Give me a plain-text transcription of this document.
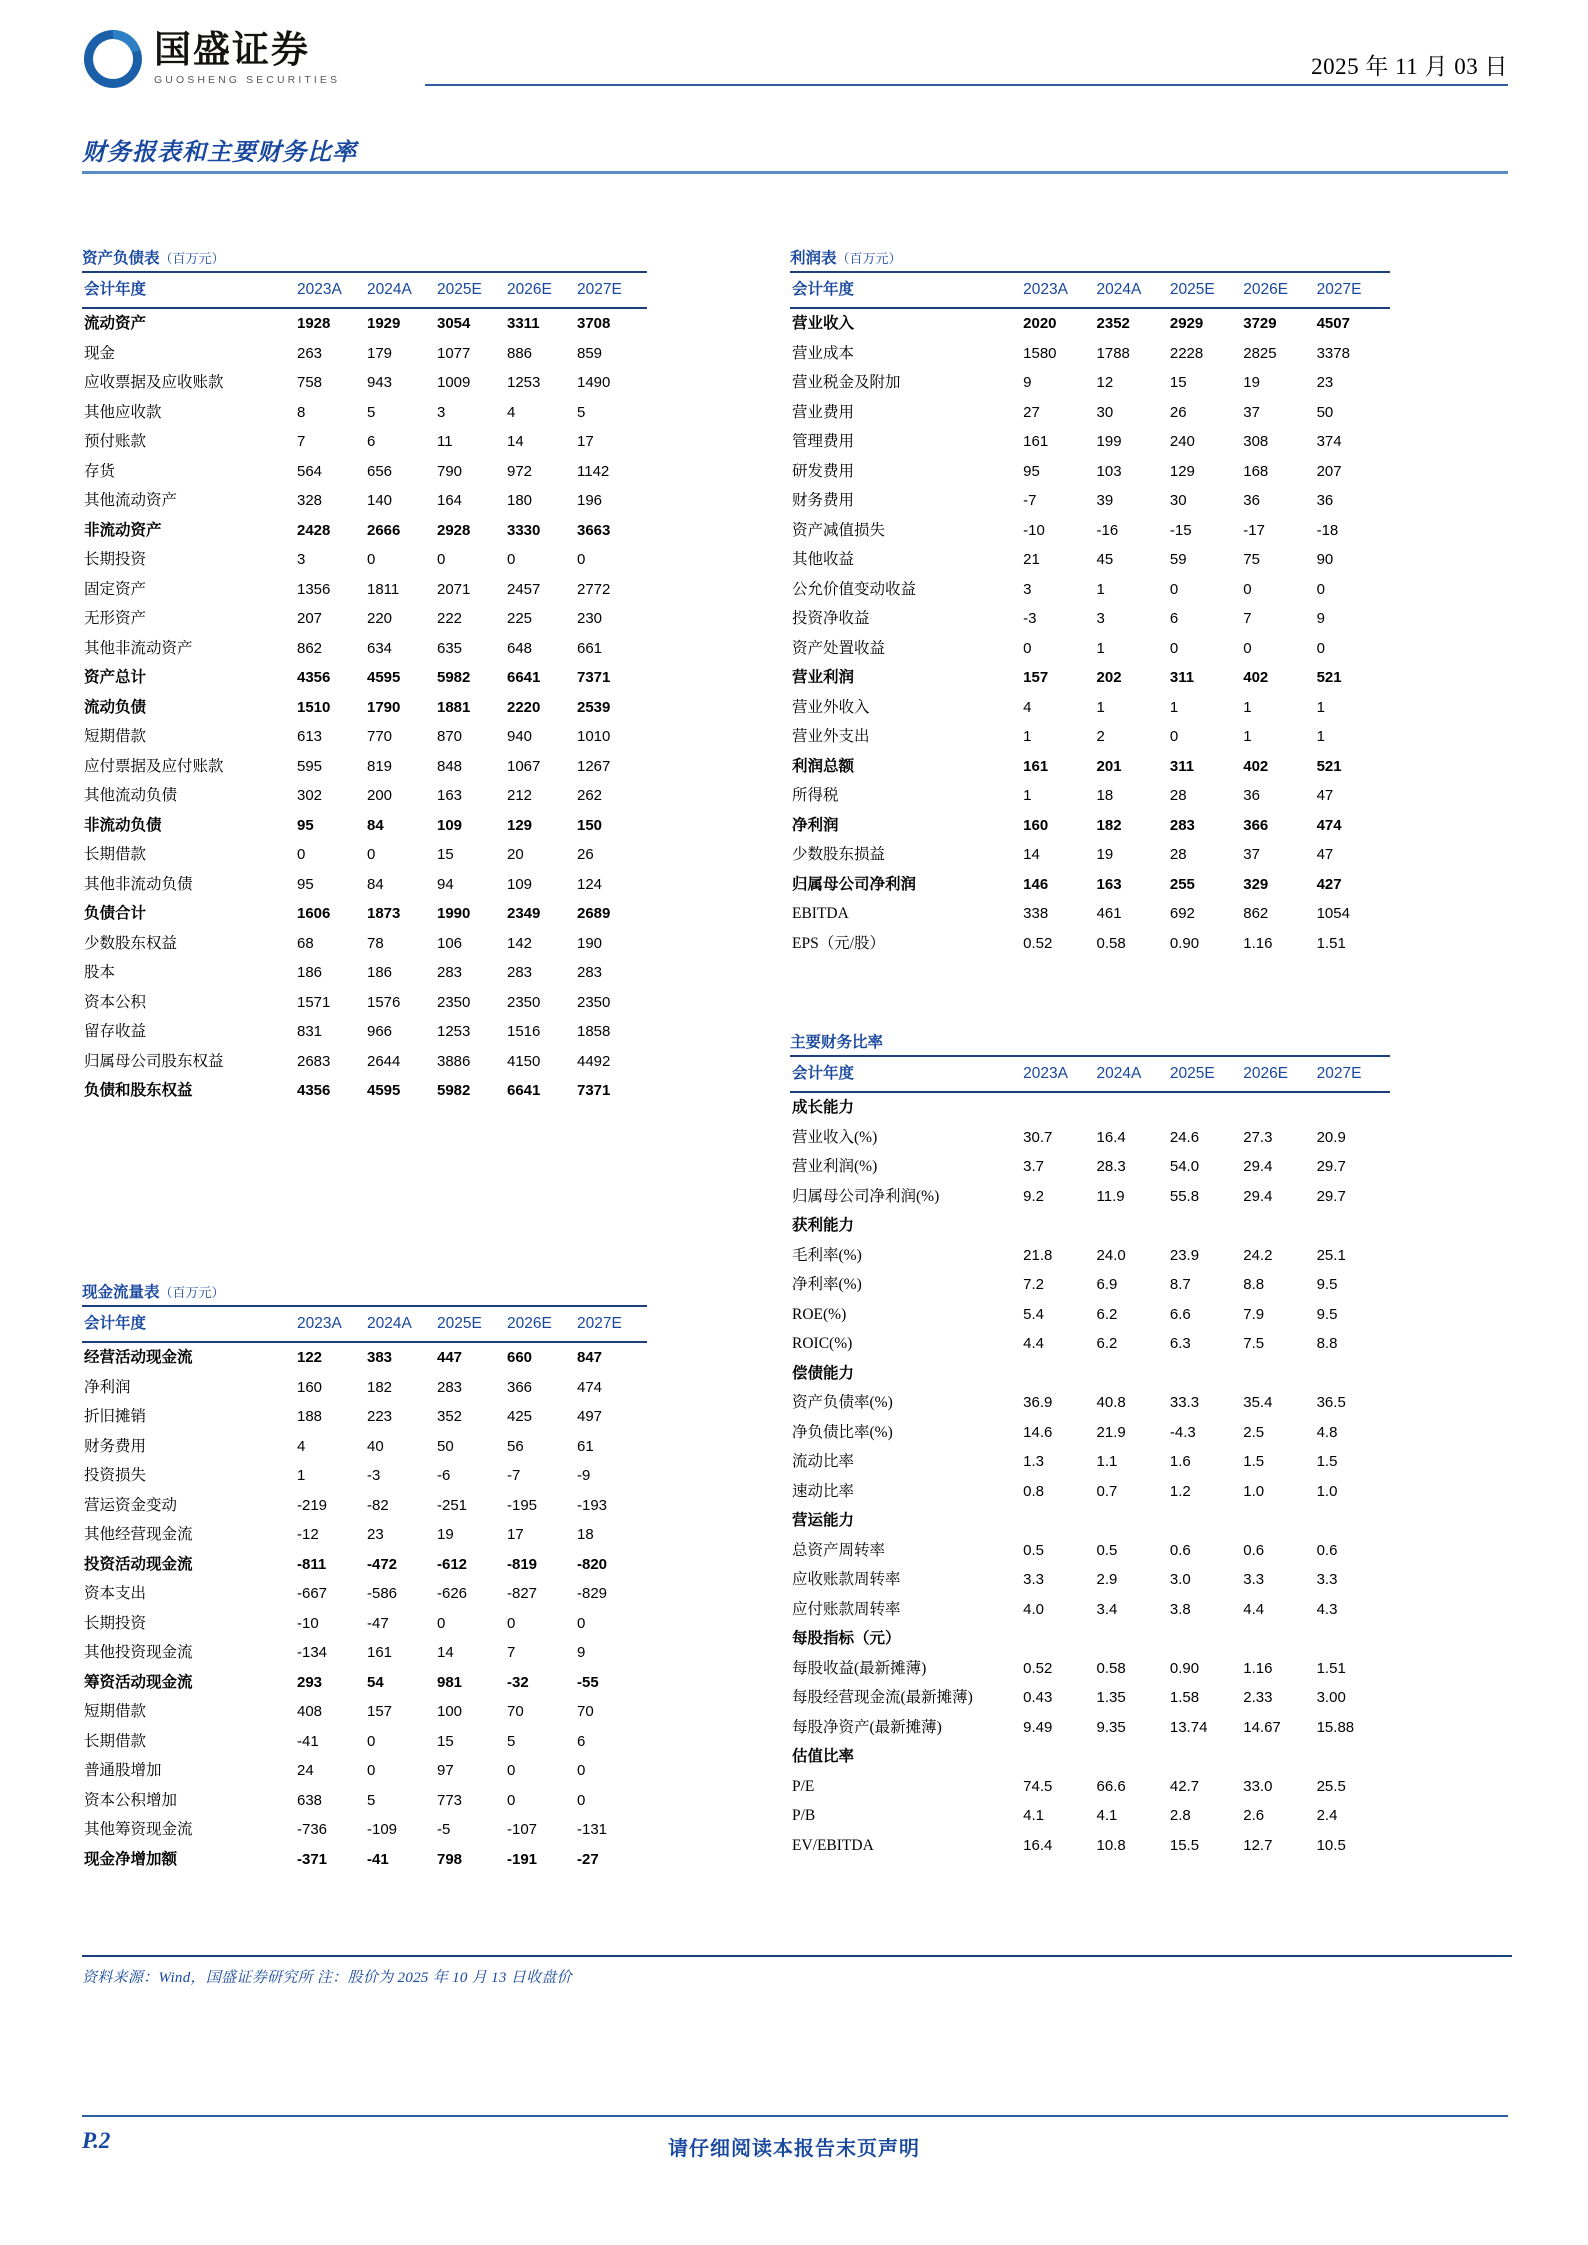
国盛证券
GUOSHENG SECURITIES
2025 年 11 月 03 日
财务报表和主要财务比率
资产负债表（百万元）
会计年度	2023A	2024A	2025E	2026E	2027E
流动资产	1928	1929	3054	3311	3708
现金	263	179	1077	886	859
应收票据及应收账款	758	943	1009	1253	1490
其他应收款	8	5	3	4	5
预付账款	7	6	11	14	17
存货	564	656	790	972	1142
其他流动资产	328	140	164	180	196
非流动资产	2428	2666	2928	3330	3663
长期投资	3	0	0	0	0
固定资产	1356	1811	2071	2457	2772
无形资产	207	220	222	225	230
其他非流动资产	862	634	635	648	661
资产总计	4356	4595	5982	6641	7371
流动负债	1510	1790	1881	2220	2539
短期借款	613	770	870	940	1010
应付票据及应付账款	595	819	848	1067	1267
其他流动负债	302	200	163	212	262
非流动负债	95	84	109	129	150
长期借款	0	0	15	20	26
其他非流动负债	95	84	94	109	124
负债合计	1606	1873	1990	2349	2689
少数股东权益	68	78	106	142	190
股本	186	186	283	283	283
资本公积	1571	1576	2350	2350	2350
留存收益	831	966	1253	1516	1858
归属母公司股东权益	2683	2644	3886	4150	4492
负债和股东权益	4356	4595	5982	6641	7371
现金流量表（百万元）
会计年度	2023A	2024A	2025E	2026E	2027E
经营活动现金流	122	383	447	660	847
净利润	160	182	283	366	474
折旧摊销	188	223	352	425	497
财务费用	4	40	50	56	61
投资损失	1	-3	-6	-7	-9
营运资金变动	-219	-82	-251	-195	-193
其他经营现金流	-12	23	19	17	18
投资活动现金流	-811	-472	-612	-819	-820
资本支出	-667	-586	-626	-827	-829
长期投资	-10	-47	0	0	0
其他投资现金流	-134	161	14	7	9
筹资活动现金流	293	54	981	-32	-55
短期借款	408	157	100	70	70
长期借款	-41	0	15	5	6
普通股增加	24	0	97	0	0
资本公积增加	638	5	773	0	0
其他筹资现金流	-736	-109	-5	-107	-131
现金净增加额	-371	-41	798	-191	-27
利润表（百万元）
会计年度	2023A	2024A	2025E	2026E	2027E
营业收入	2020	2352	2929	3729	4507
营业成本	1580	1788	2228	2825	3378
营业税金及附加	9	12	15	19	23
营业费用	27	30	26	37	50
管理费用	161	199	240	308	374
研发费用	95	103	129	168	207
财务费用	-7	39	30	36	36
资产减值损失	-10	-16	-15	-17	-18
其他收益	21	45	59	75	90
公允价值变动收益	3	1	0	0	0
投资净收益	-3	3	6	7	9
资产处置收益	0	1	0	0	0
营业利润	157	202	311	402	521
营业外收入	4	1	1	1	1
营业外支出	1	2	0	1	1
利润总额	161	201	311	402	521
所得税	1	18	28	36	47
净利润	160	182	283	366	474
少数股东损益	14	19	28	37	47
归属母公司净利润	146	163	255	329	427
EBITDA	338	461	692	862	1054
EPS（元/股）	0.52	0.58	0.90	1.16	1.51
主要财务比率
会计年度	2023A	2024A	2025E	2026E	2027E
成长能力					
营业收入(%)	30.7	16.4	24.6	27.3	20.9
营业利润(%)	3.7	28.3	54.0	29.4	29.7
归属母公司净利润(%)	9.2	11.9	55.8	29.4	29.7
获利能力					
毛利率(%)	21.8	24.0	23.9	24.2	25.1
净利率(%)	7.2	6.9	8.7	8.8	9.5
ROE(%)	5.4	6.2	6.6	7.9	9.5
ROIC(%)	4.4	6.2	6.3	7.5	8.8
偿债能力					
资产负债率(%)	36.9	40.8	33.3	35.4	36.5
净负债比率(%)	14.6	21.9	-4.3	2.5	4.8
流动比率	1.3	1.1	1.6	1.5	1.5
速动比率	0.8	0.7	1.2	1.0	1.0
营运能力					
总资产周转率	0.5	0.5	0.6	0.6	0.6
应收账款周转率	3.3	2.9	3.0	3.3	3.3
应付账款周转率	4.0	3.4	3.8	4.4	4.3
每股指标（元）					
每股收益(最新摊薄)	0.52	0.58	0.90	1.16	1.51
每股经营现金流(最新摊薄)	0.43	1.35	1.58	2.33	3.00
每股净资产(最新摊薄)	9.49	9.35	13.74	14.67	15.88
估值比率					
P/E	74.5	66.6	42.7	33.0	25.5
P/B	4.1	4.1	2.8	2.6	2.4
EV/EBITDA	16.4	10.8	15.5	12.7	10.5
资料来源：Wind，国盛证券研究所 注：股价为 2025 年 10 月 13 日收盘价
P.2	请仔细阅读本报告末页声明
